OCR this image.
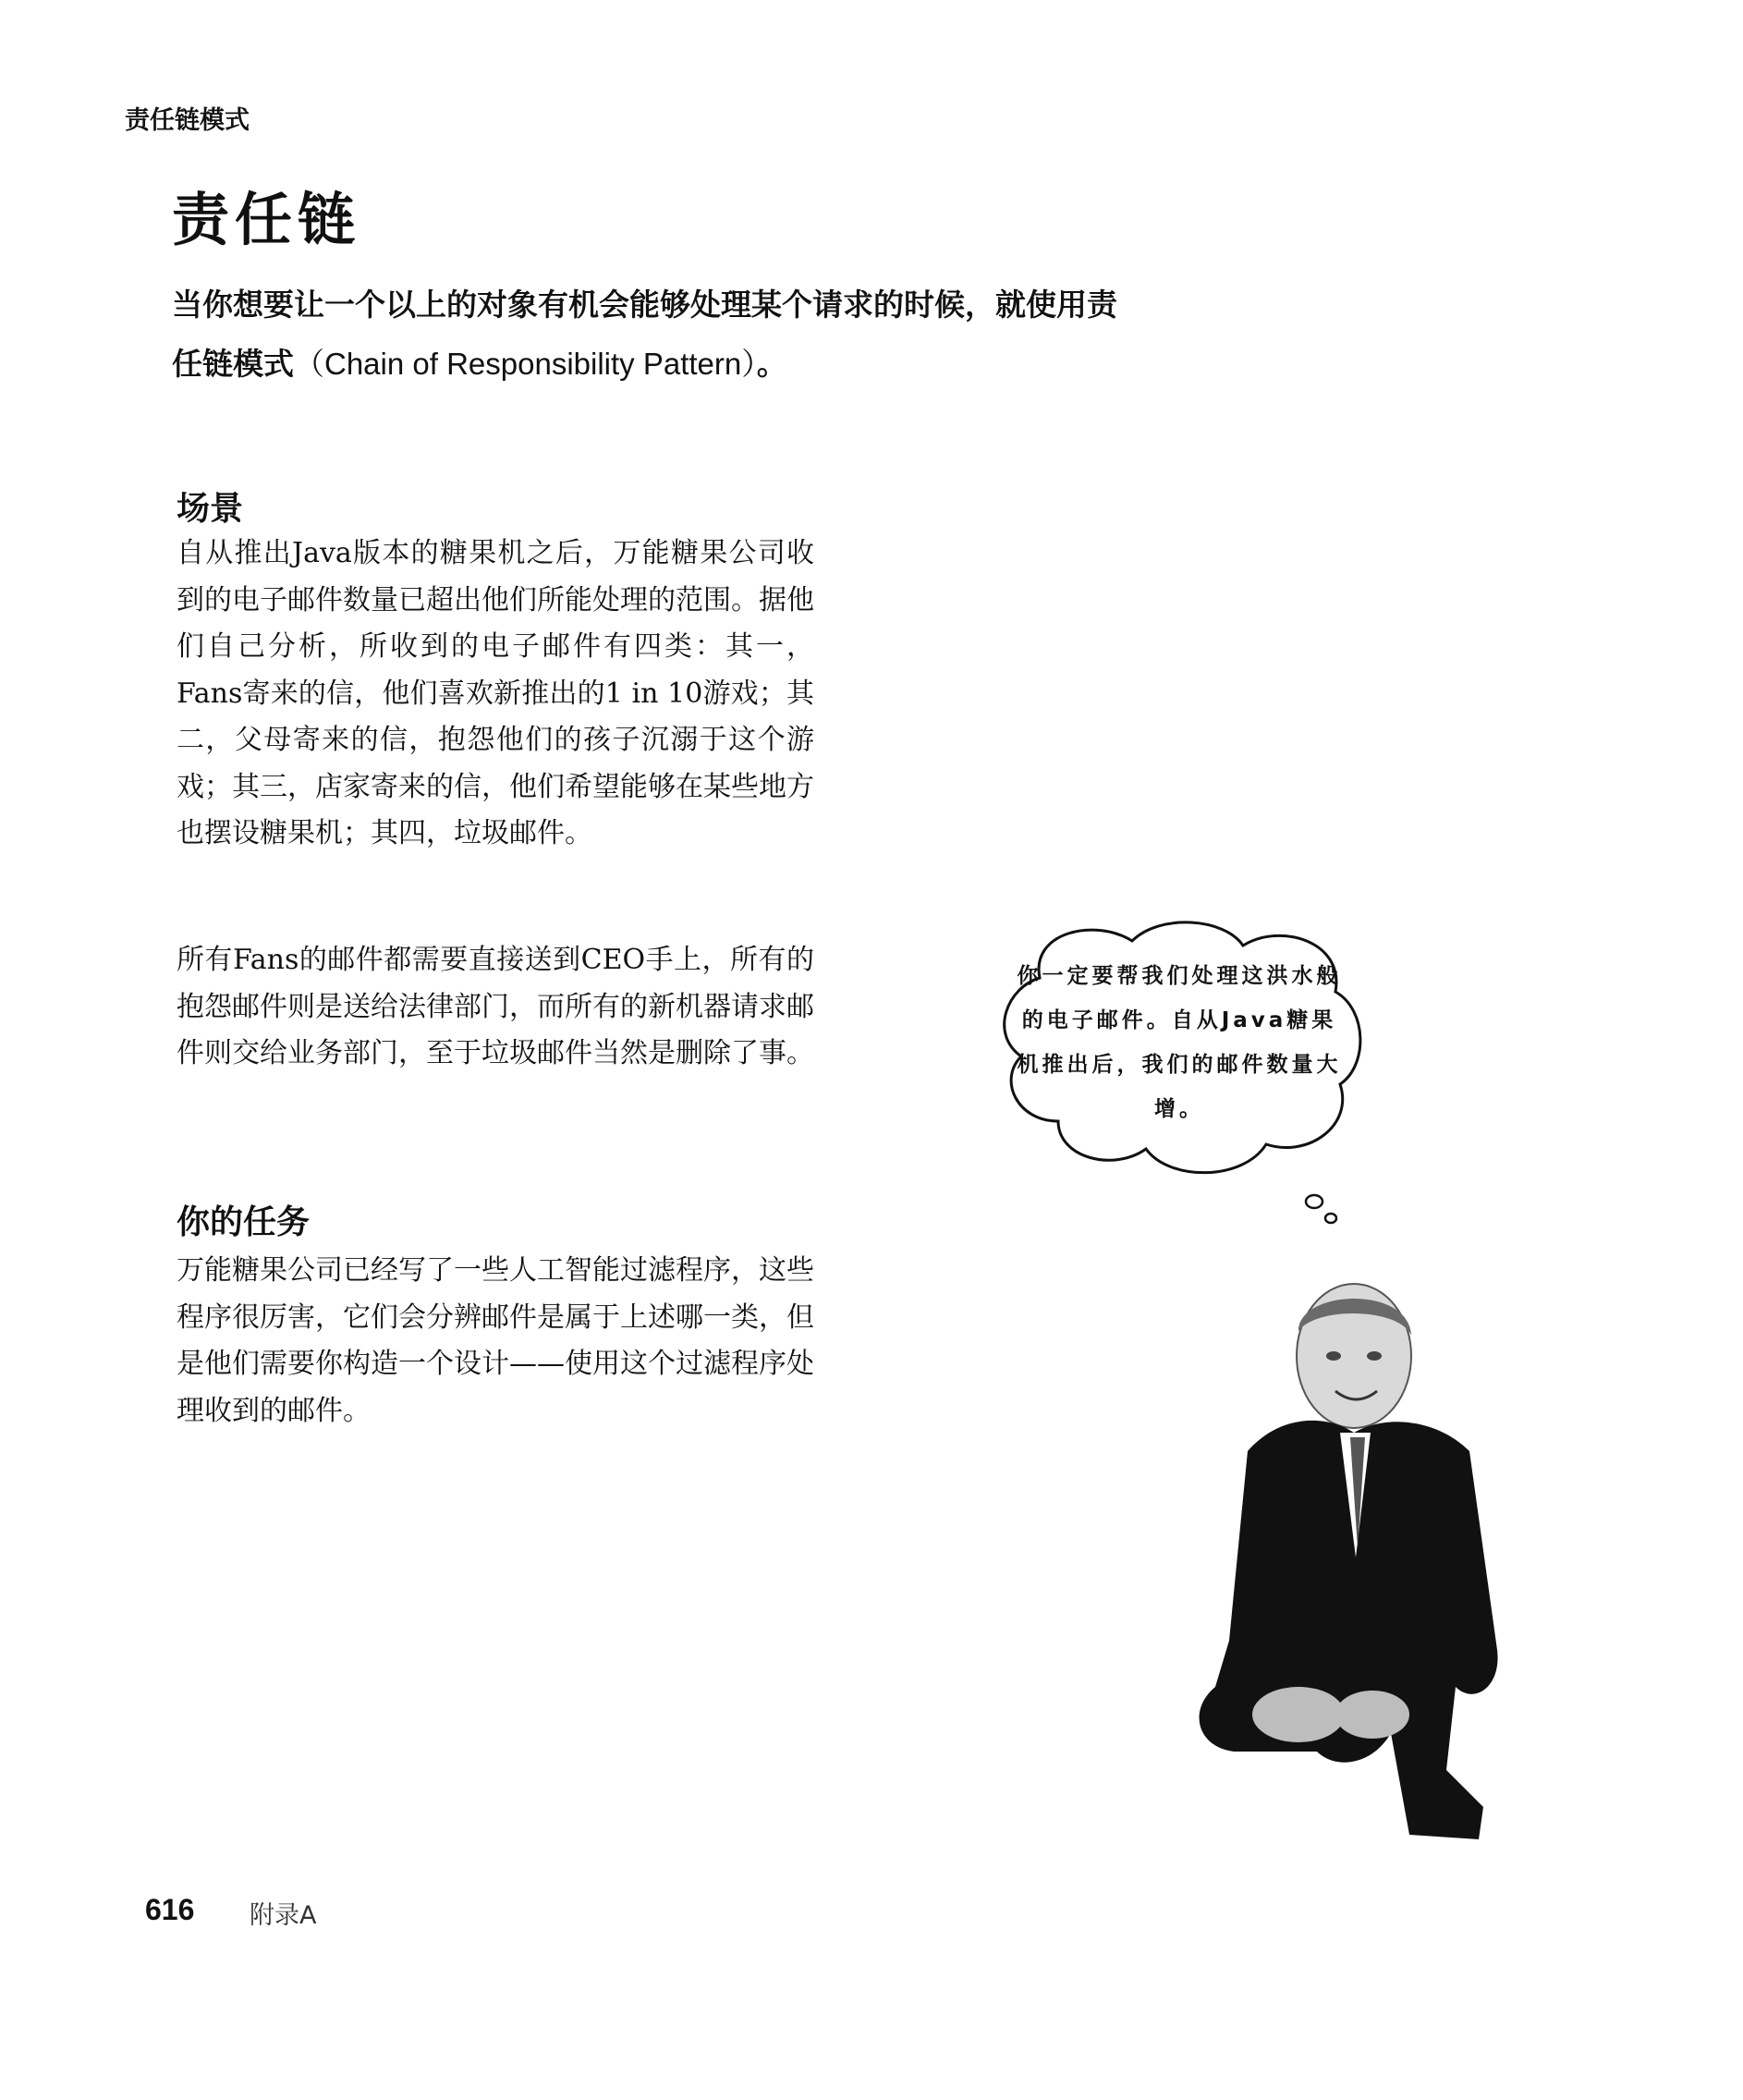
责任链模式
责任链
当你想要让一个以上的对象有机会能够处理某个请求的时候，就使用责
任链模式（Chain of Responsibility Pattern）。
场景

自从推出Java版本的糖果机之后，万能糖果公司收到的电子邮件数量已超出他们所能处理的范围。据他们自己分析，所收到的电子邮件有四类：其一，Fans寄来的信，他们喜欢新推出的1 in 10游戏；其二，父母寄来的信，抱怨他们的孩子沉溺于这个游戏；其三，店家寄来的信，他们希望能够在某些地方也摆设糖果机；其四，垃圾邮件。

所有Fans的邮件都需要直接送到CEO手上，所有的抱怨邮件则是送给法律部门，而所有的新机器请求邮件则交给业务部门，至于垃圾邮件当然是删除了事。

你的任务

万能糖果公司已经写了一些人工智能过滤程序，这些程序很厉害，它们会分辨邮件是属于上述哪一类，但是他们需要你构造一个设计——使用这个过滤程序处理收到的邮件。

你一定要帮我们处理这洪水般的电子邮件。自从Java糖果机推出后，我们的邮件数量大增。
616 附录A
